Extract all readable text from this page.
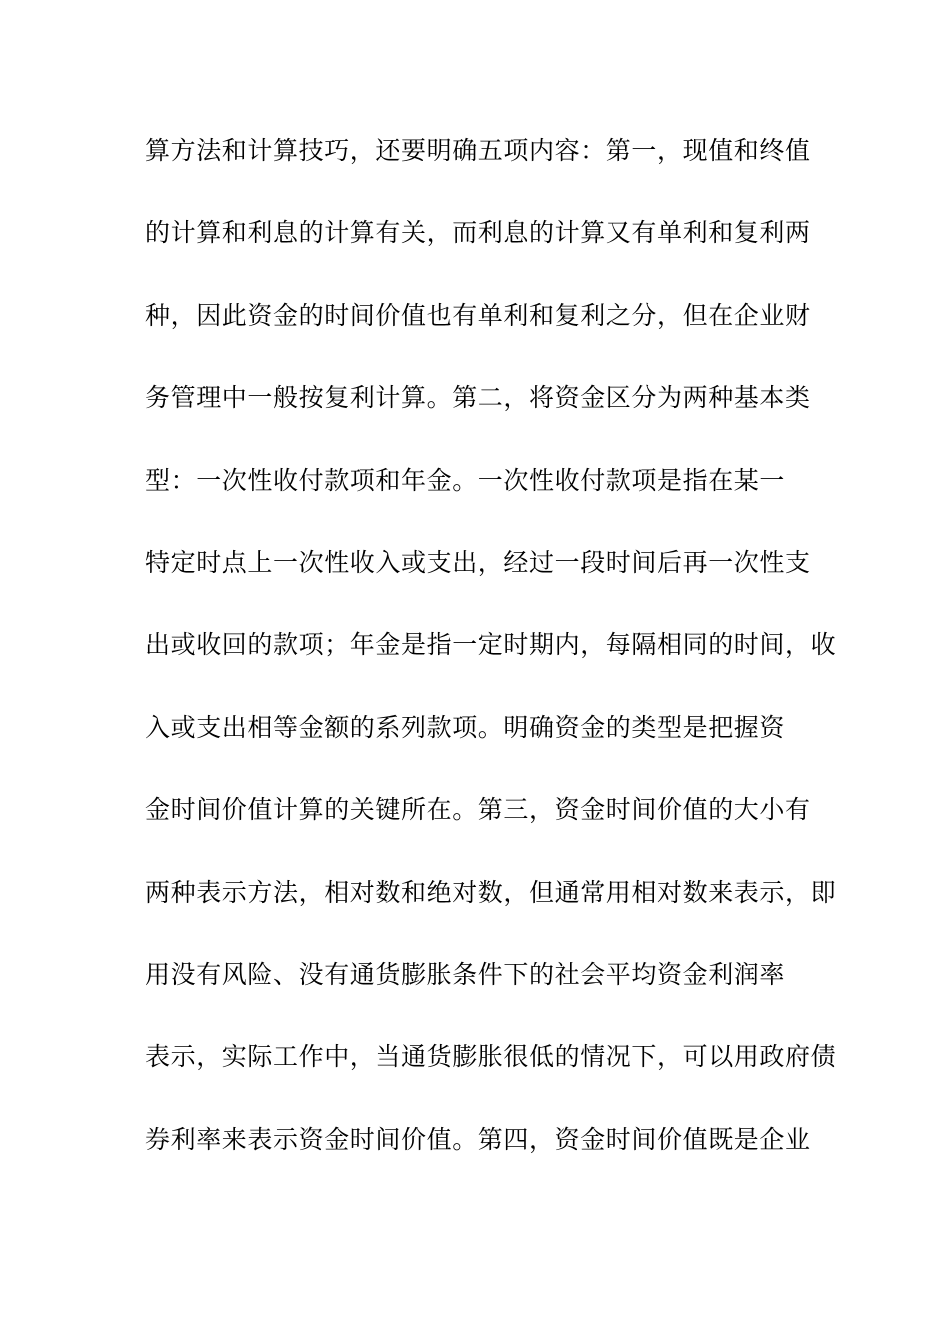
算方法和计算技巧，还要明确五项内容：第一，现值和终值
的计算和利息的计算有关，而利息的计算又有单利和复利两
种，因此资金的时间价值也有单利和复利之分，但在企业财
务管理中一般按复利计算。第二，将资金区分为两种基本类
型：一次性收付款项和年金。一次性收付款项是指在某一
特定时点上一次性收入或支出，经过一段时间后再一次性支
出或收回的款项；年金是指一定时期内，每隔相同的时间，收
入或支出相等金额的系列款项。明确资金的类型是把握资
金时间价值计算的关键所在。第三，资金时间价值的大小有
两种表示方法，相对数和绝对数，但通常用相对数来表示，即
用没有风险、没有通货膨胀条件下的社会平均资金利润率
表示，实际工作中，当通货膨胀很低的情况下，可以用政府债
券利率来表示资金时间价值。第四，资金时间价值既是企业
